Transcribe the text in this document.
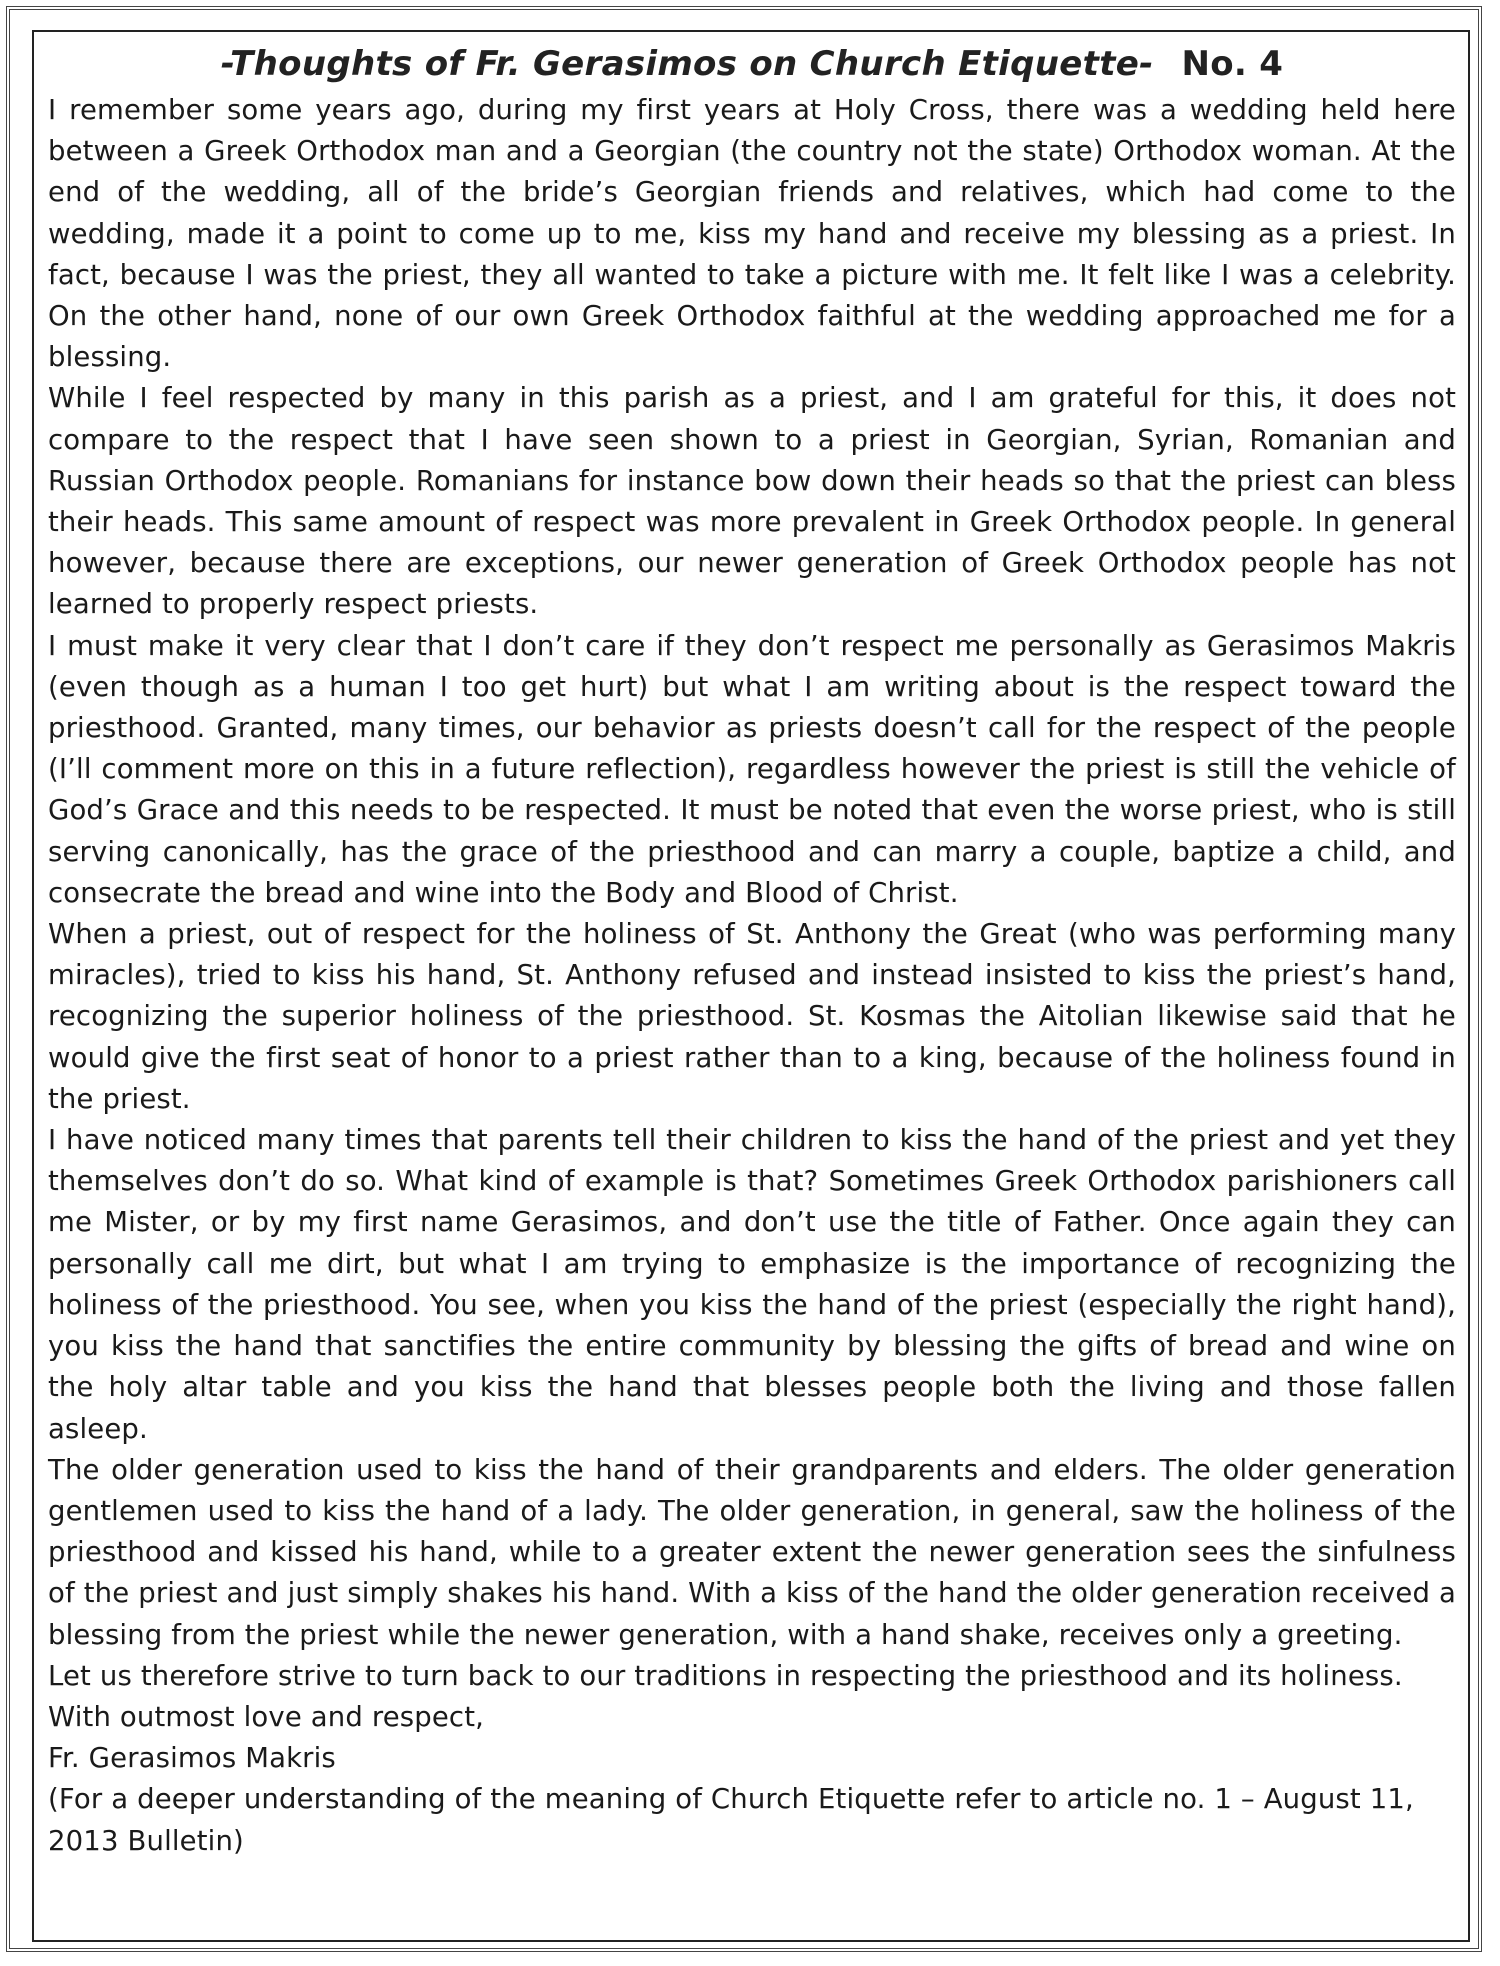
-Thoughts of Fr. Gerasimos on Church Etiquette- No. 4

I remember some years ago, during my first years at Holy Cross, there was a wedding held here between a Greek Orthodox man and a Georgian (the country not the state) Orthodox woman. At the end of the wedding, all of the bride’s Georgian friends and relatives, which had come to the wedding, made it a point to come up to me, kiss my hand and receive my blessing as a priest. In fact, because I was the priest, they all wanted to take a picture with me. It felt like I was a celebrity. On the other hand, none of our own Greek Orthodox faithful at the wedding approached me for a blessing.

While I feel respected by many in this parish as a priest, and I am grateful for this, it does not compare to the respect that I have seen shown to a priest in Georgian, Syrian, Romanian and Russian Orthodox people. Romanians for instance bow down their heads so that the priest can bless their heads. This same amount of respect was more prevalent in Greek Orthodox people. In general however, because there are exceptions, our newer generation of Greek Orthodox people has not learned to properly respect priests.

I must make it very clear that I don’t care if they don’t respect me personally as Gerasimos Makris (even though as a human I too get hurt) but what I am writing about is the respect toward the priesthood. Granted, many times, our behavior as priests doesn’t call for the respect of the people (I’ll comment more on this in a future reflection), regardless however the priest is still the vehicle of God’s Grace and this needs to be respected. It must be noted that even the worse priest, who is still serving canonically, has the grace of the priesthood and can marry a couple, baptize a child, and consecrate the bread and wine into the Body and Blood of Christ.

When a priest, out of respect for the holiness of St. Anthony the Great (who was performing many miracles), tried to kiss his hand, St. Anthony refused and instead insisted to kiss the priest’s hand, recognizing the superior holiness of the priesthood. St. Kosmas the Aitolian likewise said that he would give the first seat of honor to a priest rather than to a king, because of the holiness found in the priest.

I have noticed many times that parents tell their children to kiss the hand of the priest and yet they themselves don’t do so. What kind of example is that? Sometimes Greek Orthodox parishioners call me Mister, or by my first name Gerasimos, and don’t use the title of Father. Once again they can personally call me dirt, but what I am trying to emphasize is the importance of recognizing the holiness of the priesthood. You see, when you kiss the hand of the priest (especially the right hand), you kiss the hand that sanctifies the entire community by blessing the gifts of bread and wine on the holy altar table and you kiss the hand that blesses people both the living and those fallen asleep.

The older generation used to kiss the hand of their grandparents and elders. The older generation gentlemen used to kiss the hand of a lady. The older generation, in general, saw the holiness of the priesthood and kissed his hand, while to a greater extent the newer generation sees the sinfulness of the priest and just simply shakes his hand. With a kiss of the hand the older generation received a blessing from the priest while the newer generation, with a hand shake, receives only a greeting.

Let us therefore strive to turn back to our traditions in respecting the priesthood and its holiness.

With outmost love and respect,

Fr. Gerasimos Makris

(For a deeper understanding of the meaning of Church Etiquette refer to article no. 1 – August 11, 2013 Bulletin)
